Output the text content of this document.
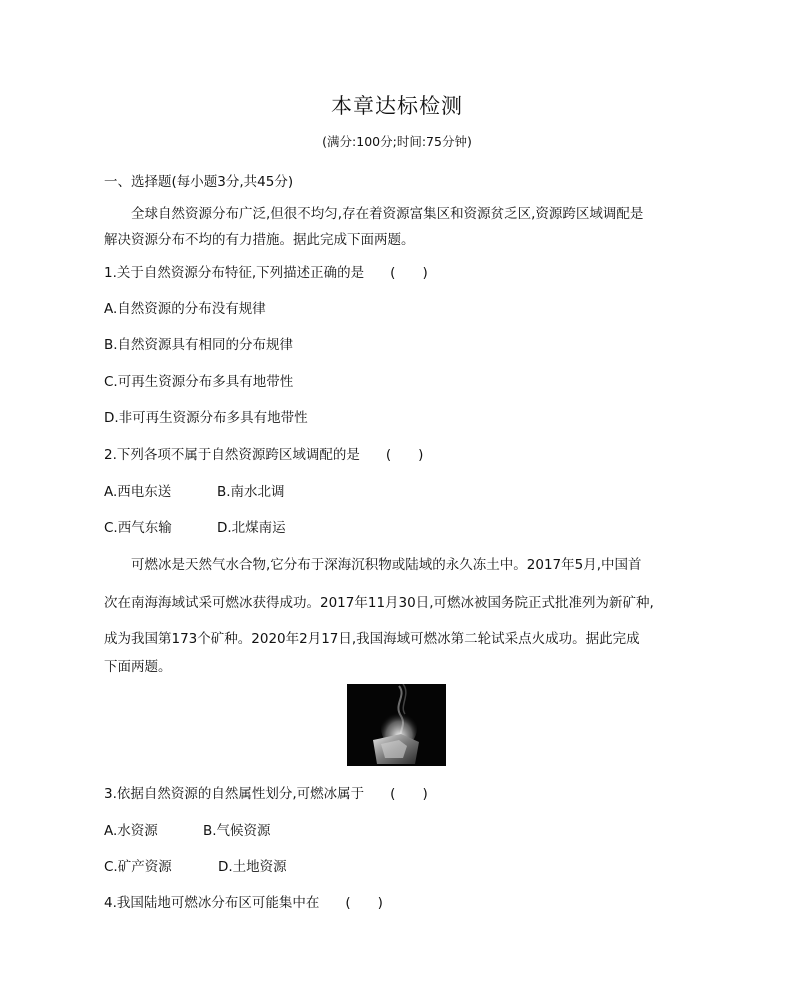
本章达标检测
(满分:100分;时间:75分钟)
一、选择题(每小题3分,共45分)
全球自然资源分布广泛,但很不均匀,存在着资源富集区和资源贫乏区,资源跨区域调配是
解决资源分布不均的有力措施。据此完成下面两题。
1.关于自然资源分布特征,下列描述正确的是 (　　)
A.自然资源的分布没有规律
B.自然资源具有相同的分布规律
C.可再生资源分布多具有地带性
D.非可再生资源分布多具有地带性
2.下列各项不属于自然资源跨区域调配的是 (　　)
A.西电东送	B.南水北调
C.西气东输	D.北煤南运
可燃冰是天然气水合物,它分布于深海沉积物或陆域的永久冻土中。2017年5月,中国首
次在南海海域试采可燃冰获得成功。2017年11月30日,可燃冰被国务院正式批准列为新矿种,
成为我国第173个矿种。2020年2月17日,我国海域可燃冰第二轮试采点火成功。据此完成
下面两题。
3.依据自然资源的自然属性划分,可燃冰属于 (　　)
A.水资源	B.气候资源
C.矿产资源	D.土地资源
4.我国陆地可燃冰分布区可能集中在 (　　)
